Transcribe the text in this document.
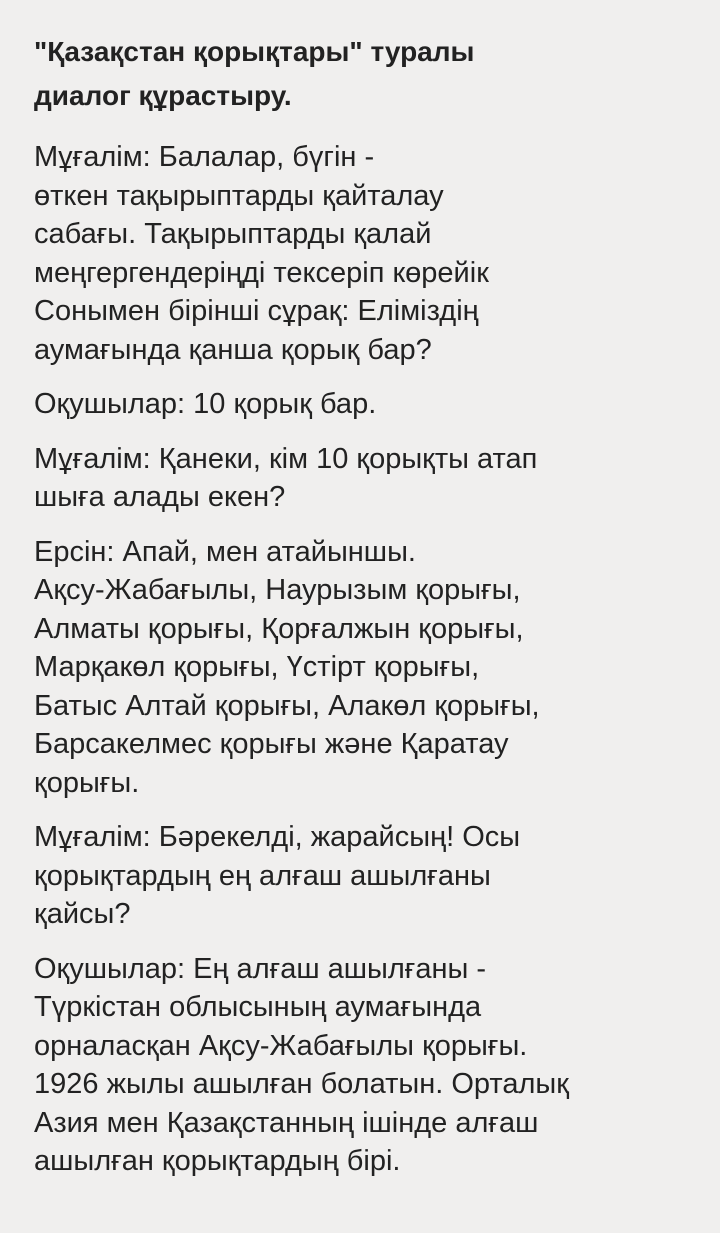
"Қазақстан қорықтары" туралы
диалог құрастыру.
Мұғалім: Балалар, бүгін -
өткен тақырыптарды қайталау
сабағы. Тақырыптарды қалай
меңгергендеріңді тексеріп көрейік
Сонымен бірінші сұрақ: Еліміздің
аумағында қанша қорық бар?
Оқушылар: 10 қорық бар.
Мұғалім: Қанеки, кім 10 қорықты атап
шыға алады екен?
Ерсін: Апай, мен атайыншы.
Ақсу-Жабағылы, Наурызым қорығы,
Алматы қорығы, Қорғалжын қорығы,
Марқакөл қорығы, Үстірт қорығы,
Батыс Алтай қорығы, Алакөл қорығы,
Барсакелмес қорығы және Қаратау
қорығы.
Мұғалім: Бәрекелді, жарайсың! Осы
қорықтардың ең алғаш ашылғаны
қайсы?
Оқушылар: Ең алғаш ашылғаны -
Түркістан облысының аумағында
орналасқан Ақсу-Жабағылы қорығы.
1926 жылы ашылған болатын. Орталық
Азия мен Қазақстанның ішінде алғаш
ашылған қорықтардың бірі.
